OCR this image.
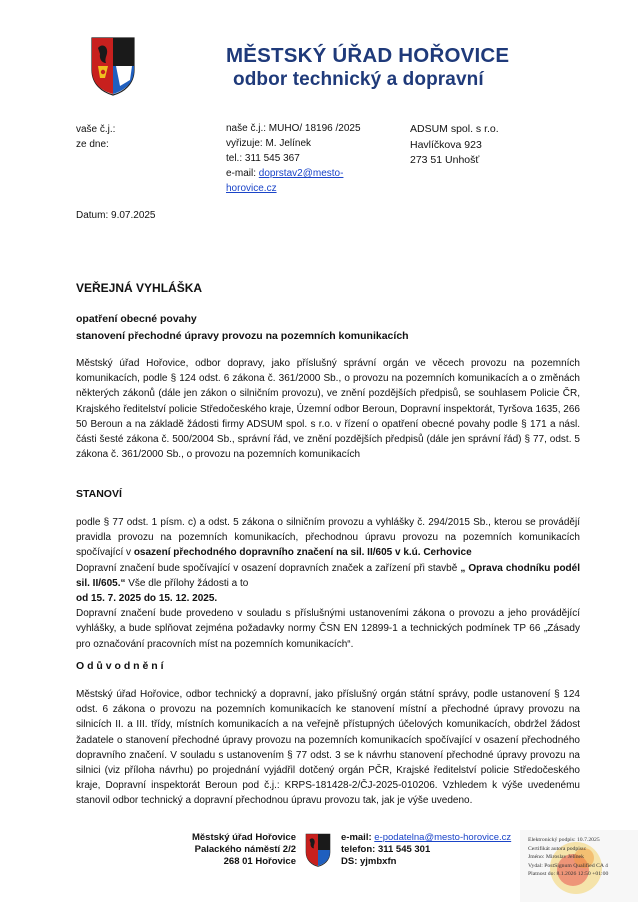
MĚSTSKÝ ÚŘAD HOŘOVICE
odbor technický a dopravní
vaše č.j.:
ze dne:
naše č.j.: MUHO/ 18196 /2025
vyřizuje: M. Jelínek
tel.: 311 545 367
e-mail: doprstav2@mesto-
horovice.cz
ADSUM spol. s r.o.
Havlíčkova 923
273 51 Unhošť
Datum: 9.07.2025
VEŘEJNÁ VYHLÁŠKA
opatření obecné povahy
stanovení přechodné úpravy provozu na pozemních komunikacích
Městský úřad Hořovice, odbor dopravy, jako příslušný správní orgán ve věcech provozu na pozemních komunikacích, podle § 124 odst. 6 zákona č. 361/2000 Sb., o provozu na pozemních komunikacích a o změnách některých zákonů (dále jen zákon o silničním provozu), ve znění pozdějších předpisů, se souhlasem Policie ČR, Krajského ředitelství policie Středočeského kraje, Územní odbor Beroun, Dopravní inspektorát, Tyršova 1635, 266 50 Beroun a na základě žádosti firmy ADSUM spol. s r.o. v řízení o opatření obecné povahy podle § 171 a násl. části šesté zákona č. 500/2004 Sb., správní řád, ve znění pozdějších předpisů (dále jen správní řád) § 77, odst. 5 zákona č. 361/2000 Sb., o provozu na pozemních komunikacích
STANOVÍ

podle § 77 odst. 1 písm. c) a odst. 5 zákona o silničním provozu a vyhlášky č. 294/2015 Sb., kterou se provádějí pravidla provozu na pozemních komunikacích, přechodnou úpravu provozu na pozemních komunikacích spočívající v osazení přechodného dopravního značení na sil. II/605 v k.ú. Cerhovice

Dopravní značení bude spočívající v osazení dopravních značek a zařízení při stavbě „ Oprava chodníku podél sil. II/605.“ Vše dle přílohy žádosti a to

od 15. 7. 2025 do 15. 12. 2025.

Dopravní značení bude provedeno v souladu s příslušnými ustanoveními zákona o provozu a jeho provádějící vyhlášky, a bude splňovat zejména požadavky normy ČSN EN 12899-1 a technických podmínek TP 66 „Zásady pro označování pracovních míst na pozemních komunikacích“.

O d ů v o d n ě n í
Městský úřad Hořovice, odbor technický a dopravní, jako příslušný orgán státní správy, podle ustanovení § 124 odst. 6 zákona o provozu na pozemních komunikacích ke stanovení místní a přechodné úpravy provozu na silnicích II. a III. třídy, místních komunikacích a na veřejně přístupných účelových komunikacích, obdržel žádost žadatele o stanovení přechodné úpravy provozu na pozemních komunikacích spočívající v osazení přechodného dopravního značení. V souladu s ustanovením § 77 odst. 3 se k návrhu stanovení přechodné úpravy provozu na silnici (viz příloha návrhu) po projednání vyjádřil dotčený orgán PČR, Krajské ředitelství policie Středočeského kraje, Dopravní inspektorát Beroun pod č.j.: KRPS-181428-2/ČJ-2025-010206. Vzhledem k výše uvedenému stanovil odbor technický a dopravní přechodnou úpravu provozu tak, jak je výše uvedeno.
Městský úřad Hořovice
Palackého náměstí 2/2
268 01 Hořovice
e-mail: e-podatelna@mesto-horovice.cz
telefon: 311 545 301
DS: yjmbxfn
Elektronický podpis: 10.7.2025
Certifikát autora podpisu:
Jméno: Miroslav Jelínek
Vydal: PostSignum Qualified CA 4
Platnost do: 8.1.2026 12:50 +01:00
